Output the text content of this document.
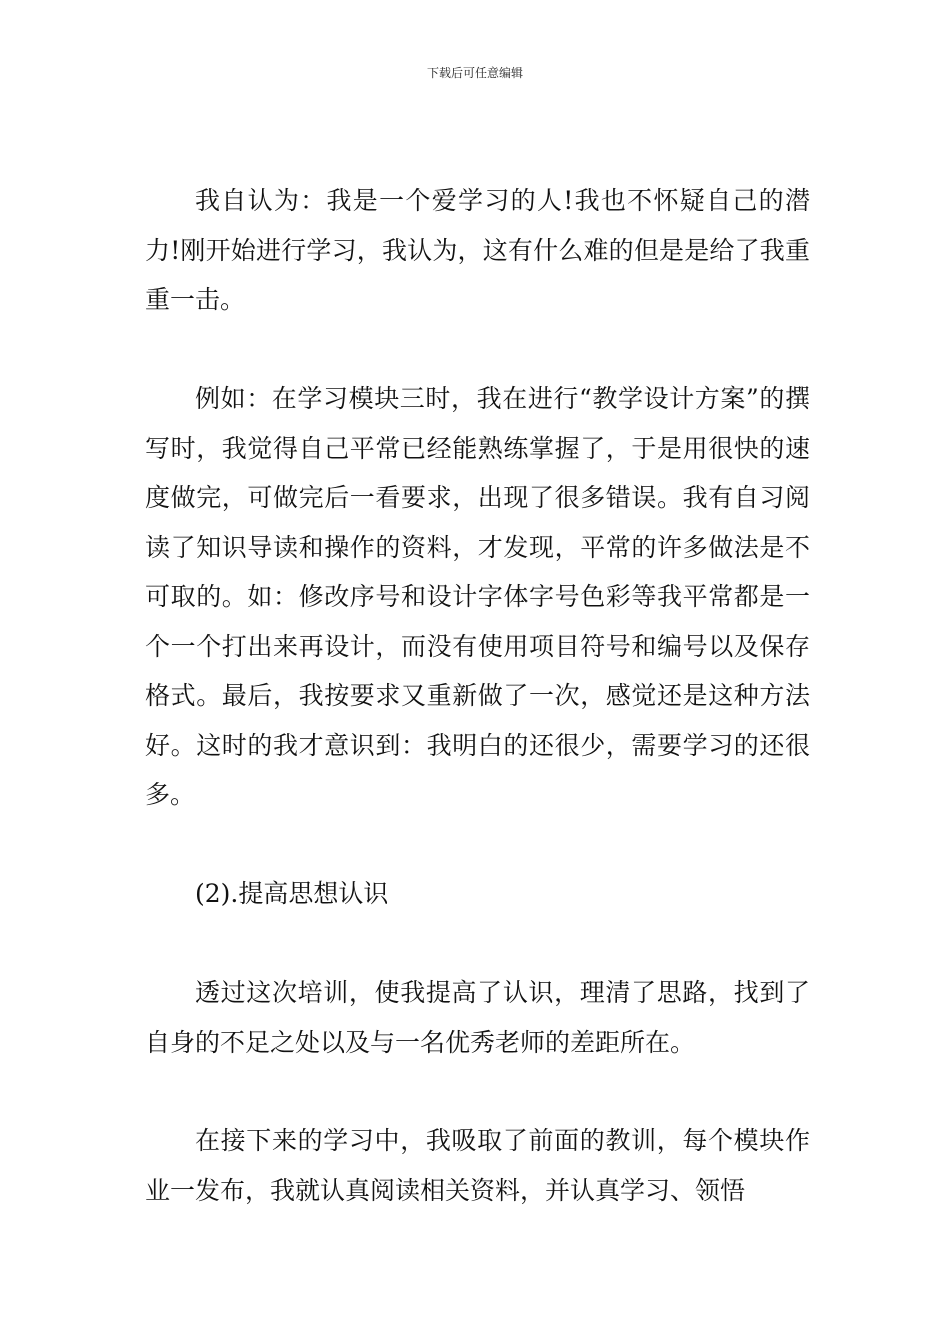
下载后可任意编辑

我自认为：我是一个爱学习的人!我也不怀疑自己的潜力!刚开始进行学习，我认为，这有什么难的但是是给了我重重一击。

例如：在学习模块三时，我在进行“教学设计方案”的撰写时，我觉得自己平常已经能熟练掌握了，于是用很快的速度做完，可做完后一看要求，出现了很多错误。我有自习阅读了知识导读和操作的资料，才发现，平常的许多做法是不可取的。如：修改序号和设计字体字号色彩等我平常都是一个一个打出来再设计，而没有使用项目符号和编号以及保存格式。最后，我按要求又重新做了一次，感觉还是这种方法好。这时的我才意识到：我明白的还很少，需要学习的还很多。

(2).提高思想认识

透过这次培训，使我提高了认识，理清了思路，找到了自身的不足之处以及与一名优秀老师的差距所在。

在接下来的学习中，我吸取了前面的教训，每个模块作业一发布，我就认真阅读相关资料，并认真学习、领悟
